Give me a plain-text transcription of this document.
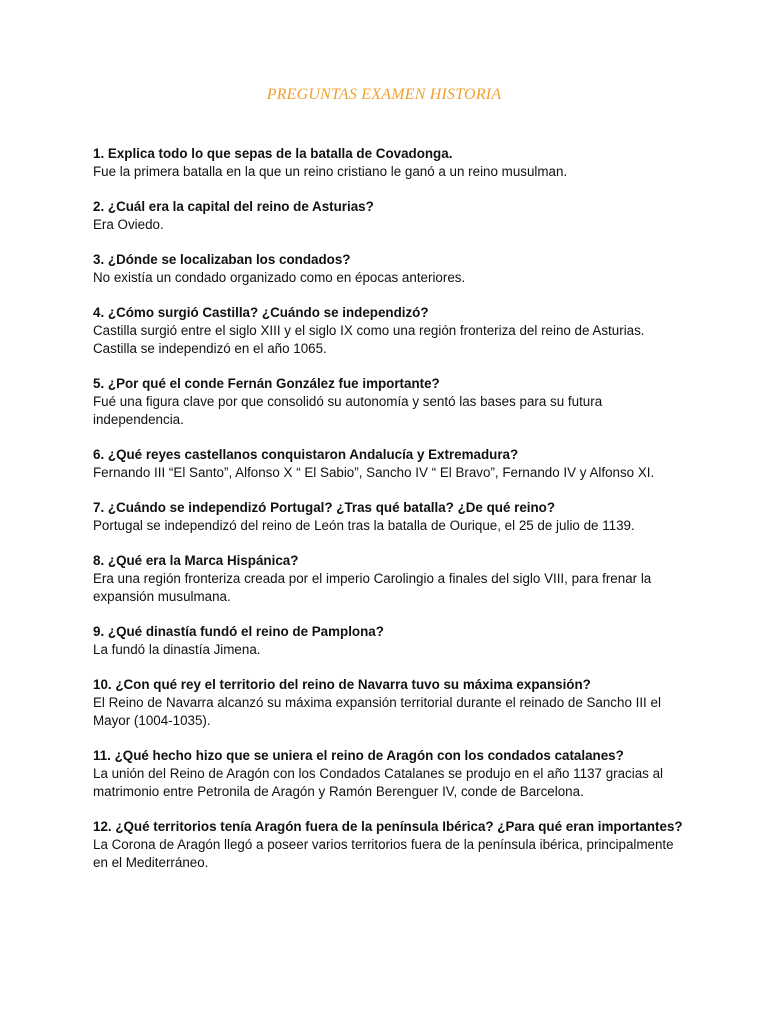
PREGUNTAS EXAMEN HISTORIA
1. Explica todo lo que sepas de la batalla de Covadonga.
Fue la primera batalla en la que un reino cristiano le ganó a un reino musulman.
2. ¿Cuál era la capital del reino de Asturias?
Era Oviedo.
3. ¿Dónde se localizaban los condados?
No existía un condado organizado como en épocas anteriores.
4. ¿Cómo surgió Castilla? ¿Cuándo se independizó?
Castilla surgió entre el siglo XIII y el siglo IX como una región fronteriza del reino de Asturias. Castilla se independizó en el año 1065.
5. ¿Por qué el conde Fernán González fue importante?
Fué una figura clave por que consolidó su autonomía y sentó las bases para su futura independencia.
6. ¿Qué reyes castellanos conquistaron Andalucía y Extremadura?
Fernando III “El Santo”, Alfonso X “ El Sabio”, Sancho IV “ El Bravo”, Fernando IV y Alfonso XI.
7. ¿Cuándo se independizó Portugal? ¿Tras qué batalla? ¿De qué reino?
Portugal se independizó del reino de León tras la batalla de Ourique, el 25 de julio de 1139.
8. ¿Qué era la Marca Hispánica?
Era una región fronteriza creada por el imperio Carolingio a finales del siglo VIII, para frenar la expansión musulmana.
9. ¿Qué dinastía fundó el reino de Pamplona?
La fundó la dinastía Jimena.
10. ¿Con qué rey el territorio del reino de Navarra tuvo su máxima expansión?
El Reino de Navarra alcanzó su máxima expansión territorial durante el reinado de Sancho III el Mayor (1004-1035).
11. ¿Qué hecho hizo que se uniera el reino de Aragón con los condados catalanes?
La unión del Reino de Aragón con los Condados Catalanes se produjo en el año 1137 gracias al matrimonio entre Petronila de Aragón y Ramón Berenguer IV, conde de Barcelona.
12. ¿Qué territorios tenía Aragón fuera de la península Ibérica? ¿Para qué eran importantes?
La Corona de Aragón llegó a poseer varios territorios fuera de la península ibérica, principalmente en el Mediterráneo.
